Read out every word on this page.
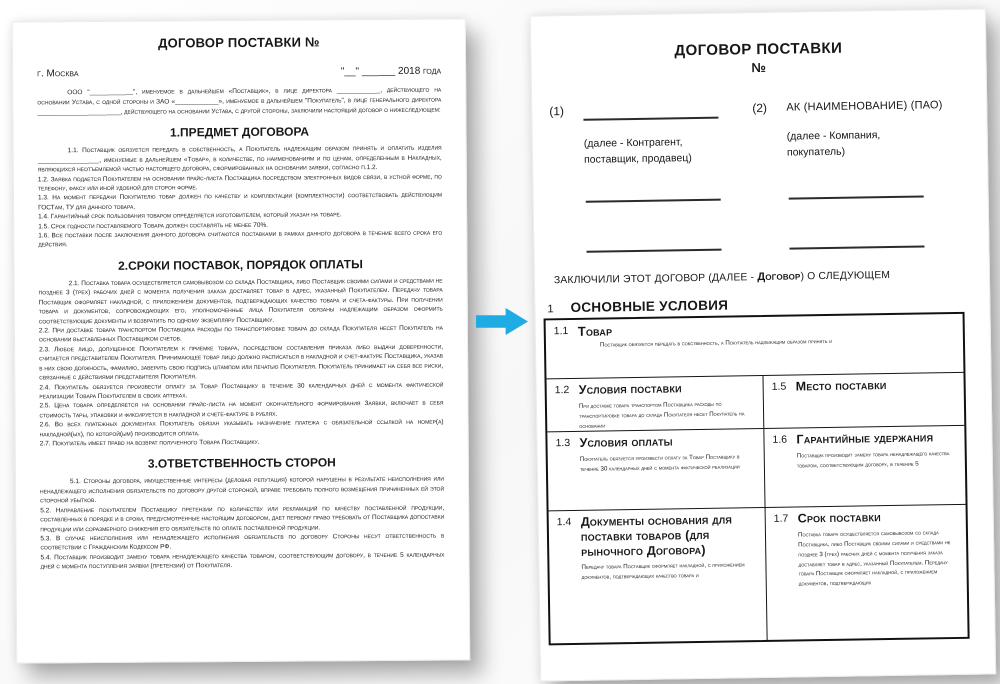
ДОГОВОР ПОСТАВКИ №
г. Москва	"__" ______ 2018 года

ООО "____________", именуемое в дальнейшем «Поставщик», в лице директора ____________, действующего на основании Устава, с одной стороны и ЗАО «____________», именуемое в дальнейшем "Покупатель", в лице генерального директора _______________________, действующего на основании Устава, с другой стороны, заключили настоящий договор о нижеследующем:

1.ПРЕДМЕТ ДОГОВОРА

1.1. Поставщик обязуется передать в собственность, а Покупатель надлежащим образом принять и оплатить изделия _________________, именуемые в дальнейшем «Товар», в количестве, по наименованиям и по ценам, определенным в Накладных, являющихся неотъемлемой частью настоящего договора, сформированных на основании заявки, согласно п.1.2.

1.2. Заявка подается Покупателем на основании прайс-листа Поставщика посредством электронных видов связи, в устной форме, по телефону, факсу или иной удобной для сторон форме.

1.3. На момент передачи Покупателю товар должен по качеству и комплектации (комплектности) соответствовать действующим ГОСТам, ТУ для данного товара.

1.4. Гарантийный срок пользования товаром определяется изготовителем, который указан на товаре.

1.5. Срок годности поставляемого Товара должен составлять не менее 70%.

1.6. Все поставки после заключения данного договора считаются поставками в рамках данного договора в течение всего срока его действия.

2.СРОКИ ПОСТАВОК, ПОРЯДОК ОПЛАТЫ

2.1. Поставка товара осуществляется самовывозом со склада Поставщика, либо Поставщик своими силами и средствами не позднее 3 (трех) рабочих дней с момента получения заказа доставляет товар в адрес, указанный Покупателем. Передачу товара Поставщик оформляет накладной, с приложением документов, подтверждающих качество товара и счета-фактуры. При получении товара и документов, сопровождающих его, уполномоченные лица Покупателя обязаны надлежащим образом оформить соответствующие документы и возвратить по одному экземпляру Поставщику.

2.2. При доставке товара транспортом Поставщика расходы по транспортировке товара до склада Покупателя несет Покупатель на основании выставленных Поставщиком счетов.

2.3. Любое лицо, допущенное Покупателем к приемке товара, посредством составления приказа либо выдачи доверенности, считается представителем Покупателя. Принимающее товар лицо должно расписаться в накладной и счет-фактуре Поставщика, указав в них свою должность, фамилию, заверить свою подпись штампом или печатью Покупателя. Покупатель принимает на себя все риски, связанные с действиями представителя Покупателя.

2.4. Покупатель обязуется произвести оплату за Товар Поставщику в течение 30 календарных дней с момента фактической реализации Товара Покупателем в своих аптеках.

2.5. Цена товара определяется на основании прайс-листа на момент окончательного формирования Заявки, включает в себя стоимость тары, упаковки и фиксируется в накладной и счете-фактуре в рублях.

2.6. Во всех платежных документах Покупатель обязан указывать назначение платежа с обязательной ссылкой на номер(а) накладной(ых), по которой(ым) производится оплата.

2.7. Покупатель имеет право на возврат полученного Товара Поставщику.

3.ОТВЕТСТВЕННОСТЬ СТОРОН

5.1. Стороны договора, имущественные интересы (деловая репутация) которой нарушены в результате неисполнения или ненадлежащего исполнения обязательств по договору другой стороной, вправе требовать полного возмещения причиненных ей этой стороной убытков.

5.2. Направление покупателем Поставщику претензии по количеству или рекламаций по качеству поставленной продукции, составленных в порядке и в сроки, предусмотренные настоящим договором, дает первому право требовать от Поставщика допоставки продукции или соразмерного снижения его обязательств по оплате поставленной продукции.

5.3. В случае неисполнения или ненадлежащего исполнения обязательств по договору Стороны несут ответственность в соответствии с Гражданским Кодексом РФ.

5.4. Поставщик производит замену товара ненадлежащего качества товаром, соответствующим договору, в течение 5 календарных дней с момента поступления заявки (претензии) от Покупателя.

ДОГОВОР ПОСТАВКИ
№
(1)
(далее - Контрагент, поставщик, продавец)
(2)	АК (НАИМЕНОВАНИЕ) (ПАО)
(далее - Компания, покупатель)
ЗАКЛЮЧИЛИ ЭТОТ ДОГОВОР (ДАЛЕЕ - Договор) О СЛЕДУЮЩЕМ
1 ОСНОВНЫЕ УСЛОВИЯ
1.1 Товар
Поставщик обязуется передать в собственность, а Покупатель надлежащим образом принять и
1.2 Условия поставки
При доставке товара транспортом Поставщика расходы по транспортировке товара до склада Покупателя несет Покупатель на основании
1.5 Место поставки
1.3 Условия оплаты
Покупатель обязуется произвести оплату за Товар Поставщику в течение 30 календарных дней с момента фактической реализации
1.6 Гарантийные удержания
Поставщик производит замену товара ненадлежащего качества товаром, соответствующим договору, в течение 5
1.4 Документы основания для поставки товаров (для рыночного Договора)
Передачу товара Поставщик оформляет накладной, с приложением документов, подтверждающих качество товара и
1.7 Срок поставки
Поставка товара осуществляется самовывозом со склада Поставщика, либо Поставщик своими силами и средствами не позднее 3 (трех) рабочих дней с момента получения заказа доставляет товар в адрес, указанный Покупателем. Передачу товара Поставщик оформляет накладной, с приложением документов, подтверждающих
